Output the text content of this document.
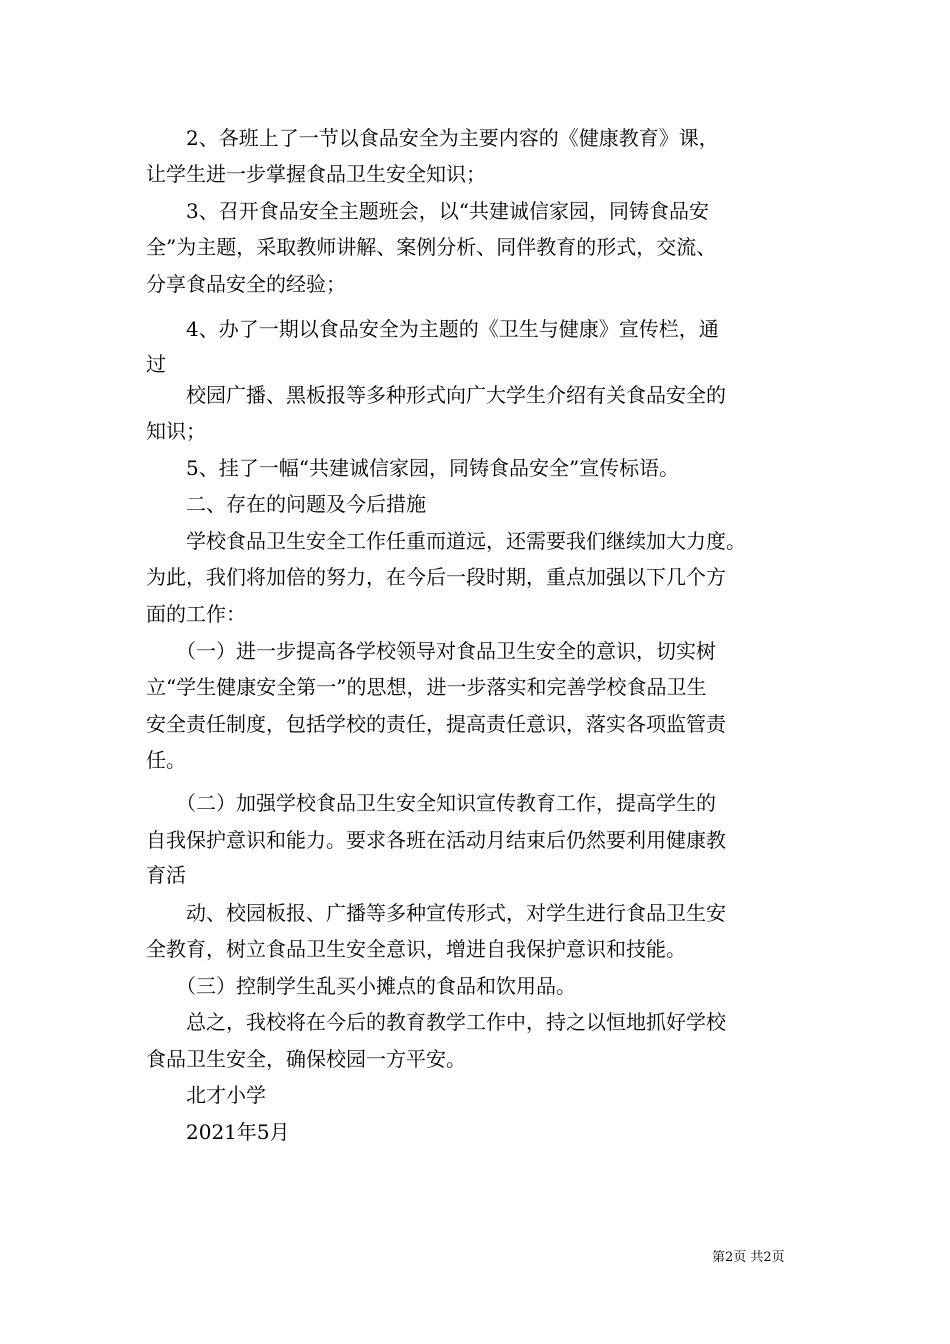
　　2、各班上了一节以食品安全为主要内容的《健康教育》课，
让学生进一步掌握食品卫生安全知识；
　　3、召开食品安全主题班会，以“共建诚信家园，同铸食品安
全”为主题，采取教师讲解、案例分析、同伴教育的形式，交流、
分享食品安全的经验；
　　4、办了一期以食品安全为主题的《卫生与健康》宣传栏，通
过
　　校园广播、黑板报等多种形式向广大学生介绍有关食品安全的
知识；
　　5、挂了一幅“共建诚信家园，同铸食品安全”宣传标语。
　　二、存在的问题及今后措施
　　学校食品卫生安全工作任重而道远，还需要我们继续加大力度。
为此，我们将加倍的努力，在今后一段时期，重点加强以下几个方
面的工作：
　　（一）进一步提高各学校领导对食品卫生安全的意识，切实树
立“学生健康安全第一”的思想，进一步落实和完善学校食品卫生
安全责任制度，包括学校的责任，提高责任意识，落实各项监管责
任。
　　（二）加强学校食品卫生安全知识宣传教育工作，提高学生的
自我保护意识和能力。要求各班在活动月结束后仍然要利用健康教
育活
　　动、校园板报、广播等多种宣传形式，对学生进行食品卫生安
全教育，树立食品卫生安全意识，增进自我保护意识和技能。
　　（三）控制学生乱买小摊点的食品和饮用品。
　　总之，我校将在今后的教育教学工作中，持之以恒地抓好学校
食品卫生安全，确保校园一方平安。
　　北才小学
　　2021年5月
第2页 共2页
